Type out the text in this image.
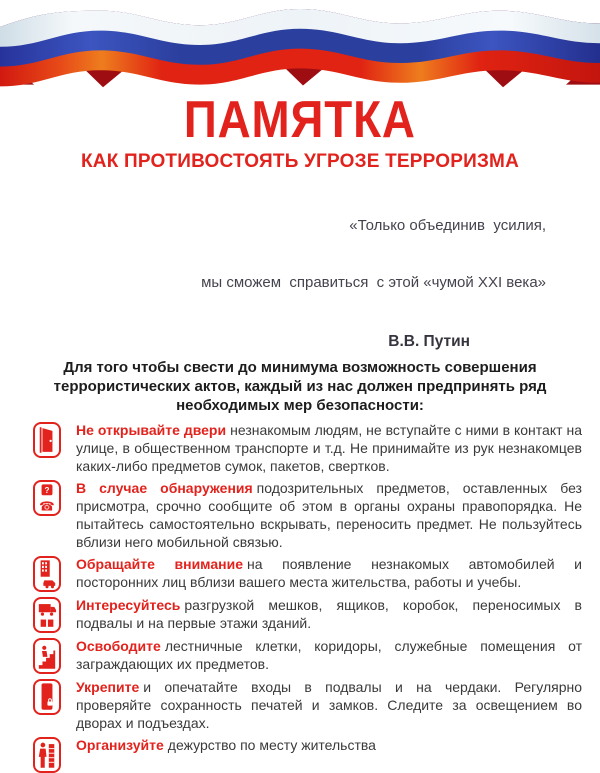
ПАМЯТКА
КАК ПРОТИВОСТОЯТЬ УГРОЗЕ ТЕРРОРИЗМА

«Только объединив  усилия,

мы сможем  справиться  с этой «чумой XXI века»

В.В. Путин
Для того чтобы свести до минимума возможность совершения террористических актов, каждый из нас должен предпринять ряд необходимых мер безопасности:
Не открывайте двери незнакомым людям, не вступайте с ними в контакт на улице, в общественном транспорте и т.д. Не принимайте из рук незнакомцев каких-либо предметов сумок, пакетов, свертков.
?
☎
В случае обнаружения подозрительных предметов, оставленных без присмотра, срочно сообщите об этом в органы охраны правопорядка. Не пытайтесь самостоятельно вскрывать, переносить предмет. Не пользуйтесь вблизи него мобильной связью.
Обращайте внимание на появление незнакомых автомобилей и посторонних лиц вблизи вашего места жительства, работы и учебы.
Интересуйтесь разгрузкой мешков, ящиков, коробок, переносимых в подвалы и на первые этажи зданий.
Освободите лестничные клетки, коридоры, служебные помещения от заграждающих их предметов.
Укрепите и опечатайте входы в подвалы и на чердаки. Регулярно проверяйте сохранность печатей и замков. Следите за освещением во дворах и подъездах.
Организуйте дежурство по месту жительства
